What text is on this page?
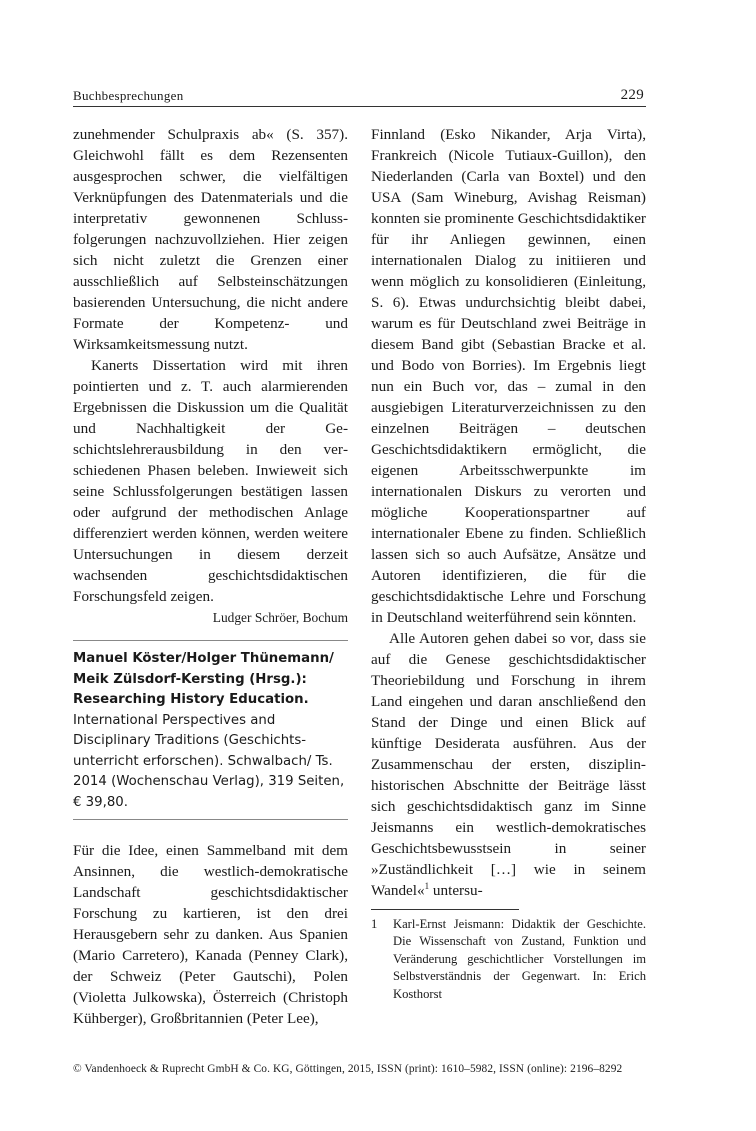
Buchbesprechungen	229

zunehmender Schulpraxis ab« (S. 357). Gleichwohl fällt es dem Rezensenten ausgesprochen schwer, die vielfältigen Verknüpfungen des Datenmaterials und die interpretativ gewonnenen Schlussfolgerungen nachzuvollziehen. Hier zeigen sich nicht zuletzt die Grenzen einer ausschließlich auf Selbsteinschätzungen basierenden Untersuchung, die nicht andere Formate der Kompetenz- und Wirksamkeitsmessung nutzt.

Kanerts Dissertation wird mit ihren pointierten und z. T. auch alarmierenden Ergebnissen die Diskussion um die Qualität und Nachhaltigkeit der Geschichtslehrerausbildung in den verschiedenen Phasen beleben. Inwieweit sich seine Schlussfolgerungen bestätigen lassen oder aufgrund der methodischen Anlage differenziert werden können, werden weitere Untersuchungen in diesem derzeit wachsenden geschichtsdidaktischen Forschungsfeld zeigen.

Ludger Schröer, Bochum

Manuel Köster/Holger Thünemann/ Meik Zülsdorf-Kersting (Hrsg.):

Researching History Education.

International Perspectives and Disciplinary Traditions (Geschichtsunterricht erforschen). Schwalbach/ Ts. 2014 (Wochenschau Verlag), 319 Seiten, € 39,80.

Für die Idee, einen Sammelband mit dem Ansinnen, die westlich-demokratische Landschaft geschichtsdidaktischer Forschung zu kartieren, ist den drei Herausgebern sehr zu danken. Aus Spanien (Mario Carretero), Kanada (Penney Clark), der Schweiz (Peter Gautschi), Polen (Violetta Julkowska), Österreich (Christoph Kühberger), Großbritannien (Peter Lee),

Finnland (Esko Nikander, Arja Virta), Frankreich (Nicole Tutiaux-Guillon), den Niederlanden (Carla van Boxtel) und den USA (Sam Wineburg, Avishag Reisman) konnten sie prominente Geschichtsdidaktiker für ihr Anliegen gewinnen, einen internationalen Dialog zu initiieren und wenn möglich zu konsolidieren (Einleitung, S. 6). Etwas undurchsichtig bleibt dabei, warum es für Deutschland zwei Beiträge in diesem Band gibt (Sebastian Bracke et al. und Bodo von Borries). Im Ergebnis liegt nun ein Buch vor, das – zumal in den ausgiebigen Literaturverzeichnissen zu den einzelnen Beiträgen – deutschen Geschichtsdidaktikern ermöglicht, die eigenen Arbeitsschwerpunkte im internationalen Diskurs zu verorten und mögliche Kooperationspartner auf internationaler Ebene zu finden. Schließlich lassen sich so auch Aufsätze, Ansätze und Autoren identifizieren, die für die geschichtsdidaktische Lehre und Forschung in Deutschland weiterführend sein könnten.

Alle Autoren gehen dabei so vor, dass sie auf die Genese geschichtsdidaktischer Theoriebildung und Forschung in ihrem Land eingehen und daran anschließend den Stand der Dinge und einen Blick auf künftige Desiderata ausführen. Aus der Zusammenschau der ersten, disziplin-historischen Abschnitte der Beiträge lässt sich geschichtsdidaktisch ganz im Sinne Jeismanns ein westlich-demokratisches Geschichtsbewusstsein in seiner »Zuständlichkeit […] wie in seinem Wandel«$^1$ untersu-

1	Karl-Ernst Jeismann: Didaktik der Geschichte. Die Wissenschaft von Zustand, Funktion und Veränderung geschichtlicher Vorstellungen im Selbstverständnis der Gegenwart. In: Erich Kosthorst
© Vandenhoeck & Ruprecht GmbH & Co. KG, Göttingen, 2015, ISSN (print): 1610–5982, ISSN (online): 2196–8292
